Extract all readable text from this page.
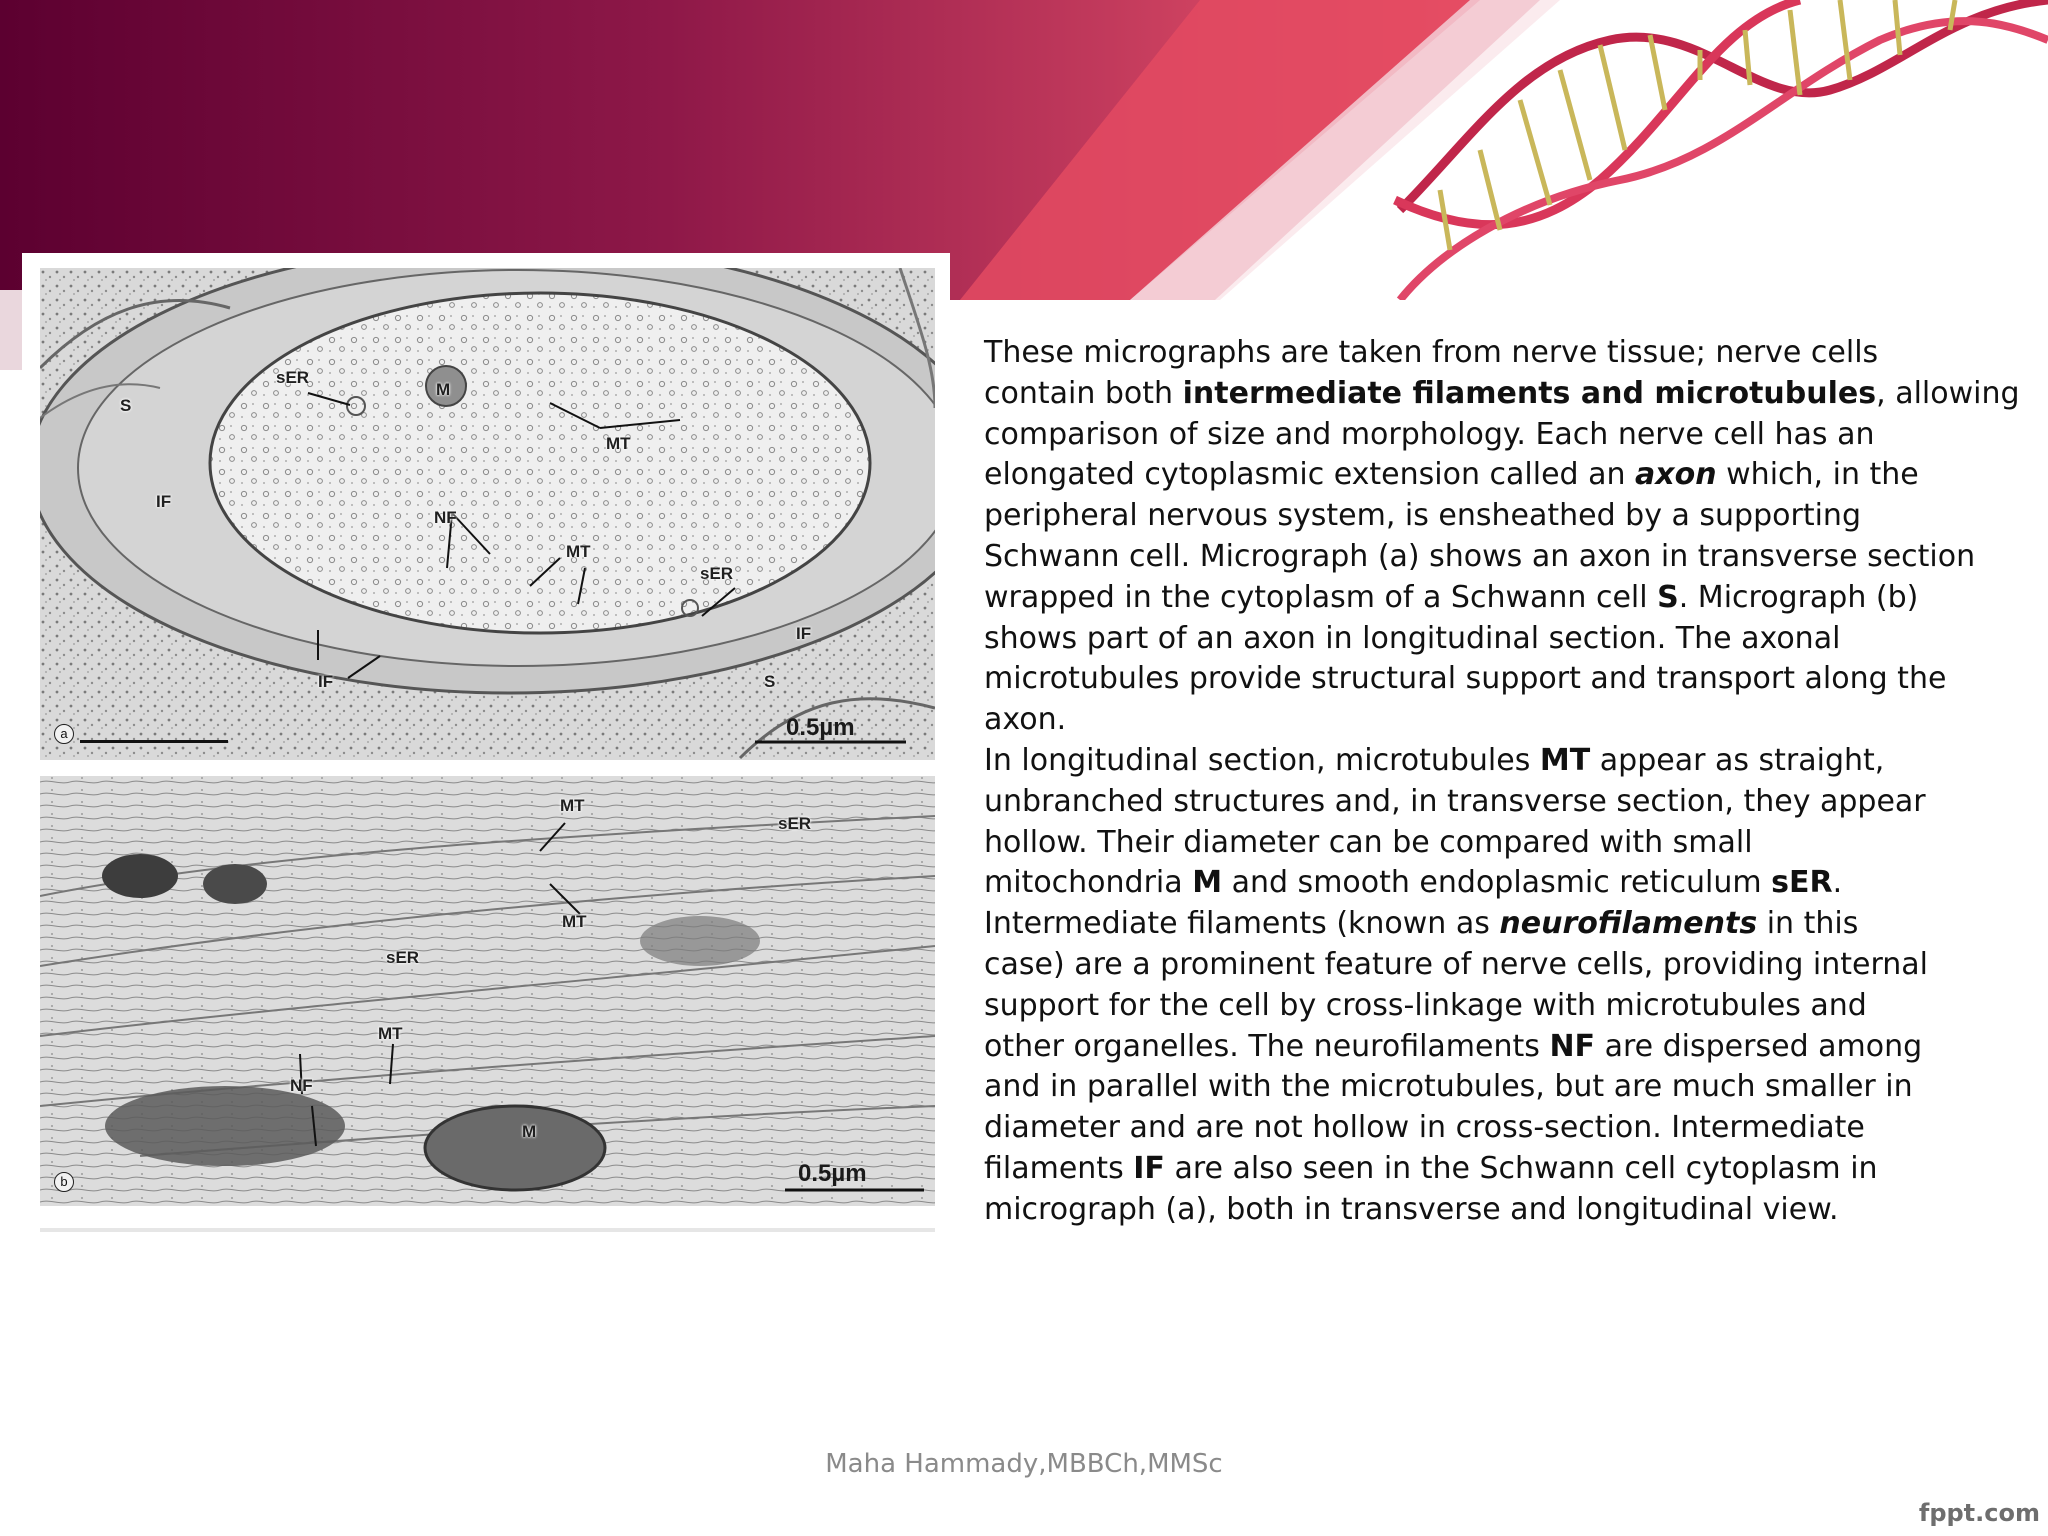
S
sER
M
MT
IF
NF
MT
sER
IF
IF	S
0.5µm
a
MT
sER
MT
sER
MT
NF
M
0.5µm
b
These micrographs are taken from nerve tissue; nerve cells
contain both intermediate filaments and microtubules, allowing
comparison of size and morphology. Each nerve cell has an
elongated cytoplasmic extension called an axon which, in the
peripheral nervous system, is ensheathed by a supporting
Schwann cell. Micrograph (a) shows an axon in transverse section
wrapped in the cytoplasm of a Schwann cell S. Micrograph (b)
shows part of an axon in longitudinal section. The axonal
microtubules provide structural support and transport along the
axon.
In longitudinal section, microtubules MT appear as straight,
unbranched structures and, in transverse section, they appear
hollow. Their diameter can be compared with small
mitochondria M and smooth endoplasmic reticulum sER.
Intermediate filaments (known as neurofilaments in this
case) are a prominent feature of nerve cells, providing internal
support for the cell by cross-linkage with microtubules and
other organelles. The neurofilaments NF are dispersed among
and in parallel with the microtubules, but are much smaller in
diameter and are not hollow in cross-section. Intermediate
filaments IF are also seen in the Schwann cell cytoplasm in
micrograph (a), both in transverse and longitudinal view.
Maha Hammady,MBBCh,MMSc
fppt.com
